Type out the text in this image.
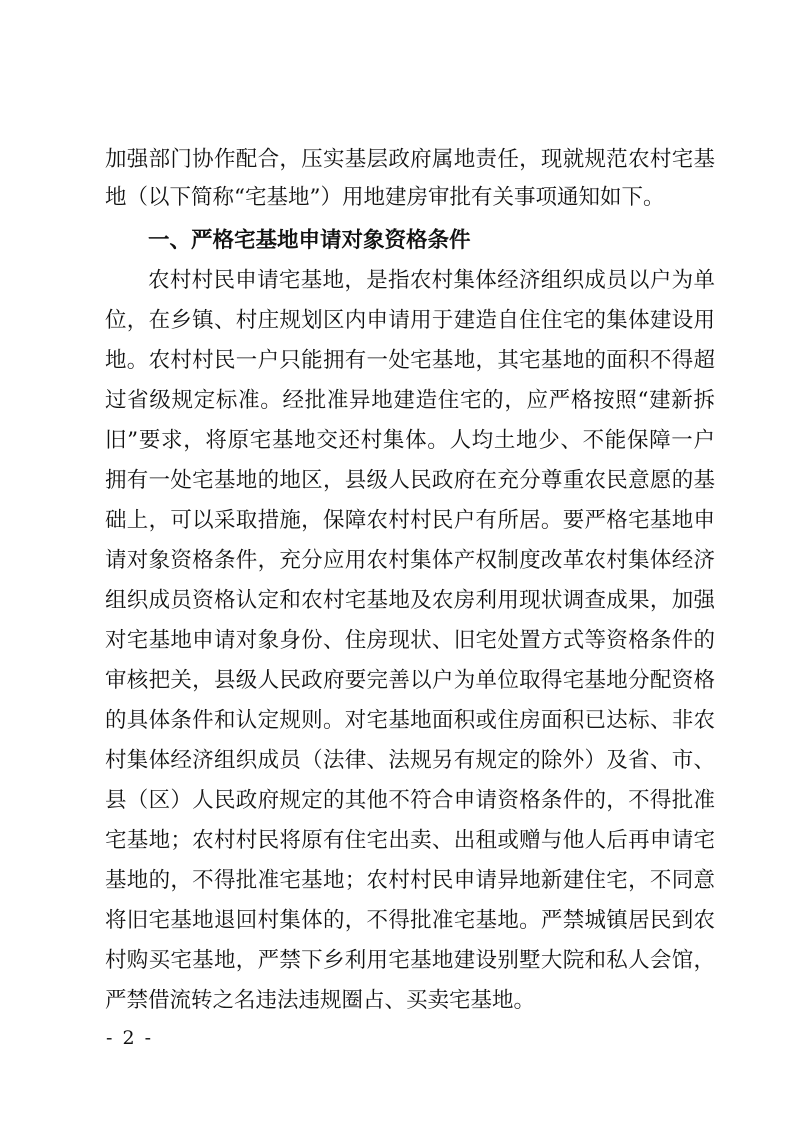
加强部门协作配合，压实基层政府属地责任，现就规范农村宅基
地（以下简称“宅基地”）用地建房审批有关事项通知如下。
一、严格宅基地申请对象资格条件
农村村民申请宅基地，是指农村集体经济组织成员以户为单
位，在乡镇、村庄规划区内申请用于建造自住住宅的集体建设用
地。农村村民一户只能拥有一处宅基地，其宅基地的面积不得超
过省级规定标准。经批准异地建造住宅的，应严格按照“建新拆
旧”要求，将原宅基地交还村集体。人均土地少、不能保障一户
拥有一处宅基地的地区，县级人民政府在充分尊重农民意愿的基
础上，可以采取措施，保障农村村民户有所居。要严格宅基地申
请对象资格条件，充分应用农村集体产权制度改革农村集体经济
组织成员资格认定和农村宅基地及农房利用现状调查成果，加强
对宅基地申请对象身份、住房现状、旧宅处置方式等资格条件的
审核把关，县级人民政府要完善以户为单位取得宅基地分配资格
的具体条件和认定规则。对宅基地面积或住房面积已达标、非农
村集体经济组织成员（法律、法规另有规定的除外）及省、市、
县（区）人民政府规定的其他不符合申请资格条件的，不得批准
宅基地；农村村民将原有住宅出卖、出租或赠与他人后再申请宅
基地的，不得批准宅基地；农村村民申请异地新建住宅，不同意
将旧宅基地退回村集体的，不得批准宅基地。严禁城镇居民到农
村购买宅基地，严禁下乡利用宅基地建设别墅大院和私人会馆，
严禁借流转之名违法违规圈占、买卖宅基地。
- 2 -
